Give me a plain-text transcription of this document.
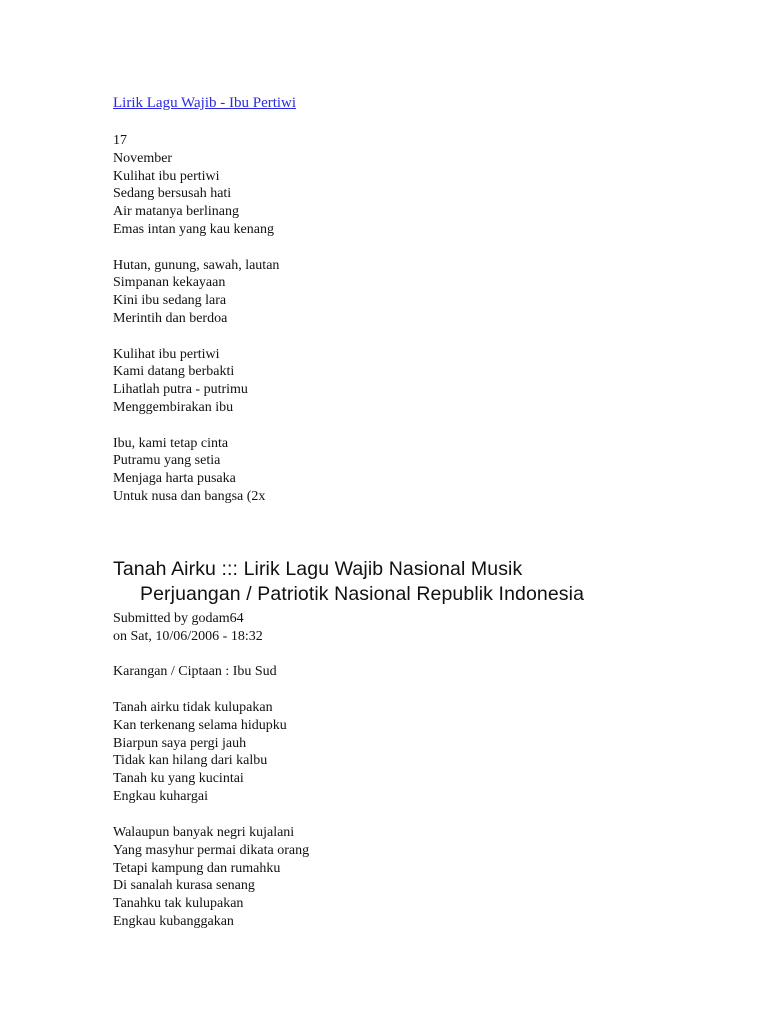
Lirik Lagu Wajib - Ibu Pertiwi
17
November
Kulihat ibu pertiwi
Sedang bersusah hati
Air matanya berlinang
Emas intan yang kau kenang
Hutan, gunung, sawah, lautan
Simpanan kekayaan
Kini ibu sedang lara
Merintih dan berdoa
Kulihat ibu pertiwi
Kami datang berbakti
Lihatlah putra - putrimu
Menggembirakan ibu
Ibu, kami tetap cinta
Putramu yang setia
Menjaga harta pusaka
Untuk nusa dan bangsa (2x
Tanah Airku ::: Lirik Lagu Wajib Nasional Musik
Perjuangan / Patriotik Nasional Republik Indonesia
Submitted by godam64
on Sat, 10/06/2006 - 18:32
Karangan / Ciptaan : Ibu Sud
Tanah airku tidak kulupakan
Kan terkenang selama hidupku
Biarpun saya pergi jauh
Tidak kan hilang dari kalbu
Tanah ku yang kucintai
Engkau kuhargai
Walaupun banyak negri kujalani
Yang masyhur permai dikata orang
Tetapi kampung dan rumahku
Di sanalah kurasa senang
Tanahku tak kulupakan
Engkau kubanggakan
